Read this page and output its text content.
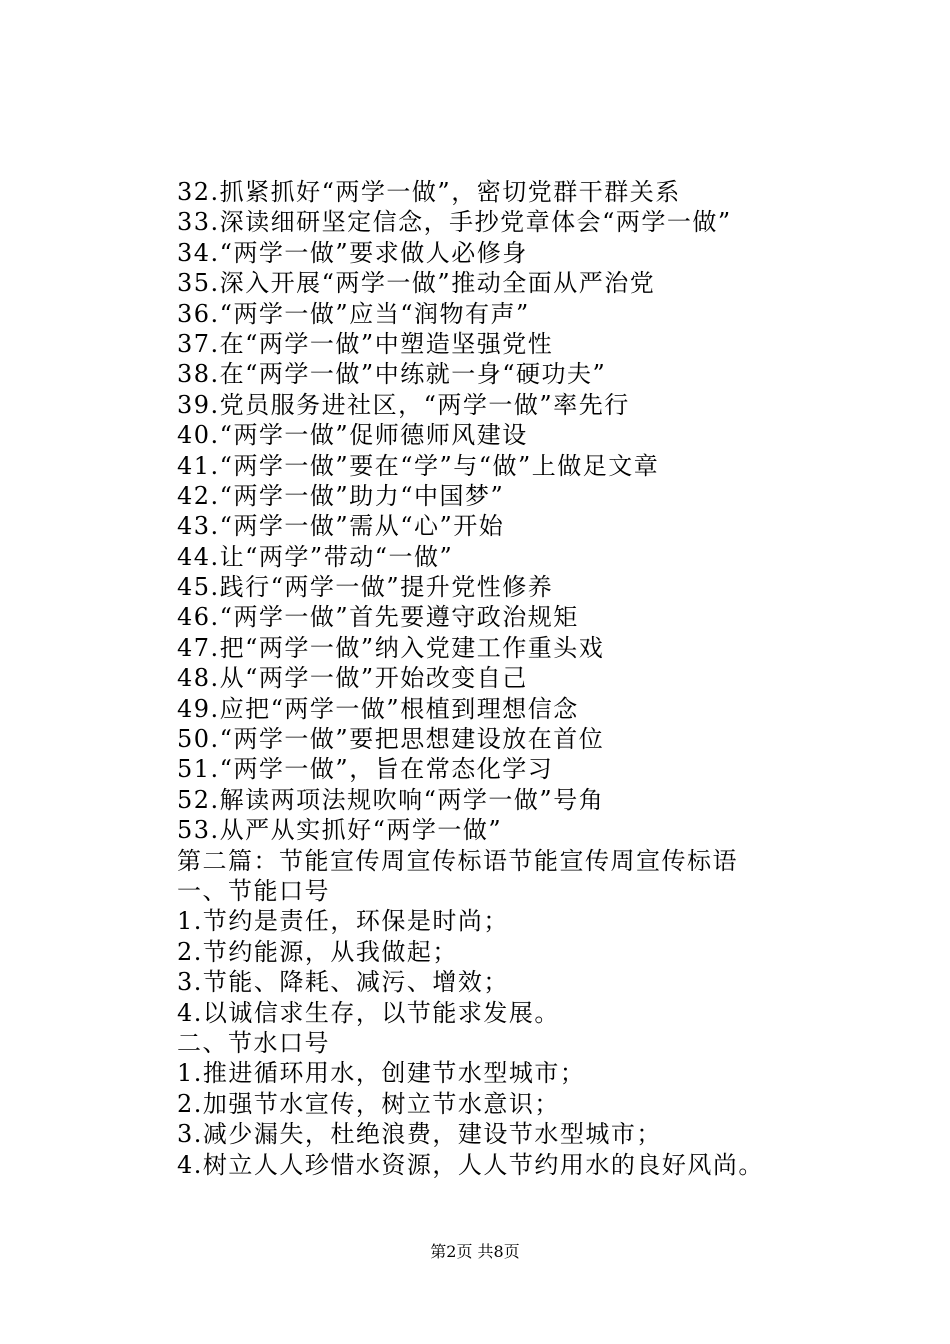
32.抓紧抓好“两学一做”，密切党群干群关系
33.深读细研坚定信念，手抄党章体会“两学一做”
34.“两学一做”要求做人必修身
35.深入开展“两学一做”推动全面从严治党
36.“两学一做”应当“润物有声”
37.在“两学一做”中塑造坚强党性
38.在“两学一做”中练就一身“硬功夫”
39.党员服务进社区，“两学一做”率先行
40.“两学一做”促师德师风建设
41.“两学一做”要在“学”与“做”上做足文章
42.“两学一做”助力“中国梦”
43.“两学一做”需从“心”开始
44.让“两学”带动“一做”
45.践行“两学一做”提升党性修养
46.“两学一做”首先要遵守政治规矩
47.把“两学一做”纳入党建工作重头戏
48.从“两学一做”开始改变自己
49.应把“两学一做”根植到理想信念
50.“两学一做”要把思想建设放在首位
51.“两学一做”，旨在常态化学习
52.解读两项法规吹响“两学一做”号角
53.从严从实抓好“两学一做”
第二篇：节能宣传周宣传标语节能宣传周宣传标语
一、节能口号
1.节约是责任，环保是时尚；
2.节约能源，从我做起；
3.节能、降耗、减污、增效；
4.以诚信求生存，以节能求发展。
二、节水口号
1.推进循环用水，创建节水型城市；
2.加强节水宣传，树立节水意识；
3.减少漏失，杜绝浪费，建设节水型城市；
4.树立人人珍惜水资源，人人节约用水的良好风尚。
第2页 共8页
